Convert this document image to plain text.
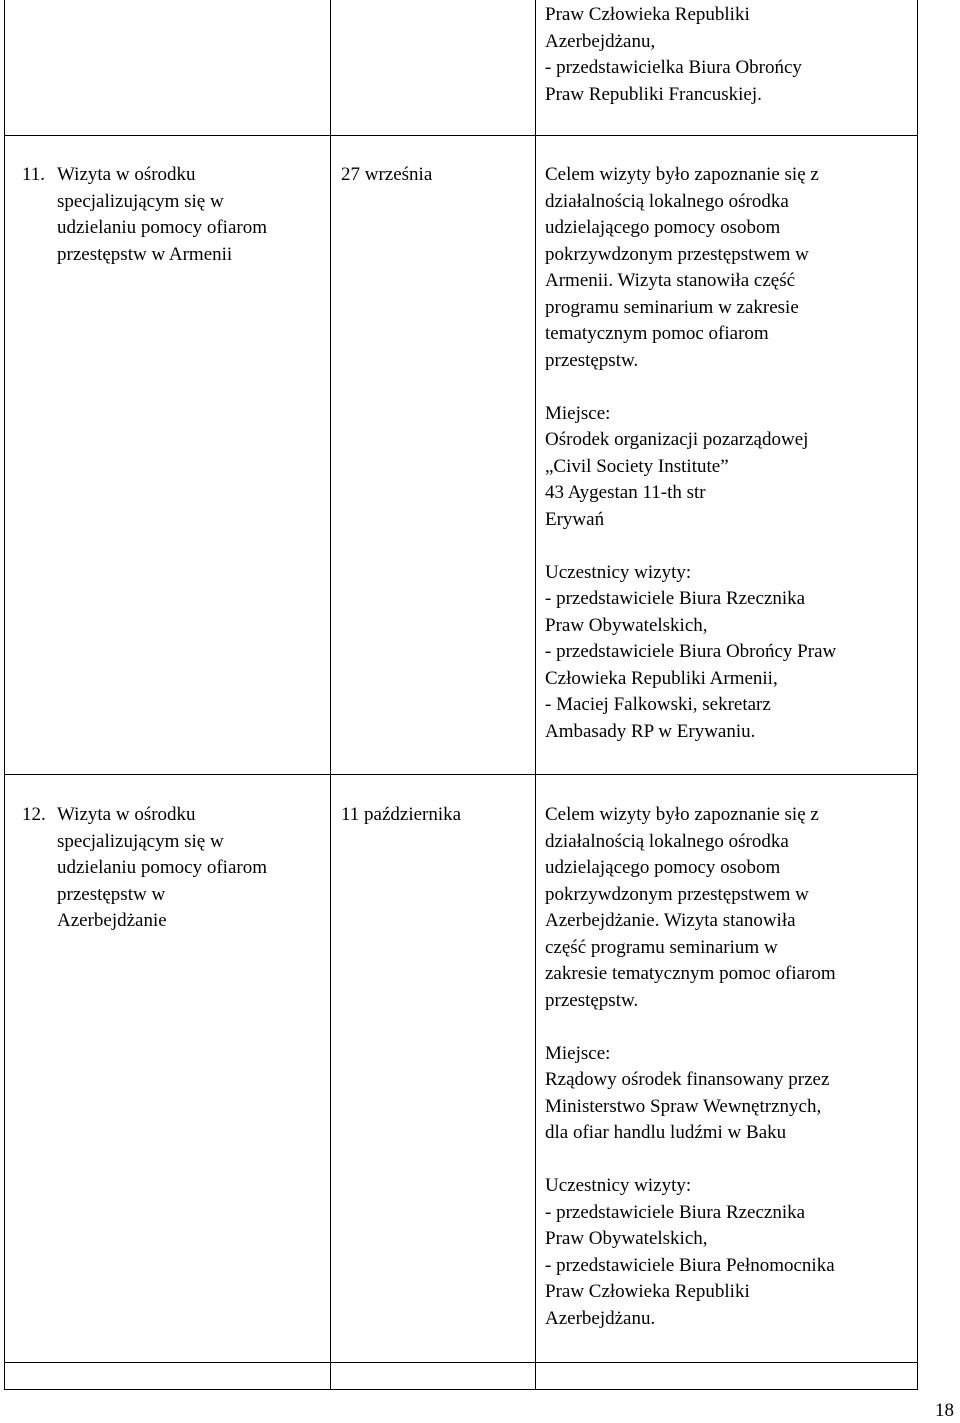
Praw Człowieka Republiki
Azerbejdżanu,
- przedstawicielka Biura Obrońcy
Praw Republiki Francuskiej.
11. Wizyta w ośrodku
specjalizującym się w
udzielaniu pomocy ofiarom
przestępstw w Armenii
27 września	Celem wizyty było zapoznanie się z
działalnością lokalnego ośrodka
udzielającego pomocy osobom
pokrzywdzonym przestępstwem w
Armenii. Wizyta stanowiła część
programu seminarium w zakresie
tematycznym pomoc ofiarom
przestępstw.
Miejsce:
Ośrodek organizacji pozarządowej
„Civil Society Institute”
43 Aygestan 11-th str
Erywań
Uczestnicy wizyty:
- przedstawiciele Biura Rzecznika
Praw Obywatelskich,
- przedstawiciele Biura Obrońcy Praw
Człowieka Republiki Armenii,
- Maciej Falkowski, sekretarz
Ambasady RP w Erywaniu.
12. Wizyta w ośrodku
specjalizującym się w
udzielaniu pomocy ofiarom
przestępstw w
Azerbejdżanie
11 października	Celem wizyty było zapoznanie się z
działalnością lokalnego ośrodka
udzielającego pomocy osobom
pokrzywdzonym przestępstwem w
Azerbejdżanie. Wizyta stanowiła
część programu seminarium w
zakresie tematycznym pomoc ofiarom
przestępstw.
Miejsce:
Rządowy ośrodek finansowany przez
Ministerstwo Spraw Wewnętrznych,
dla ofiar handlu ludźmi w Baku
Uczestnicy wizyty:
- przedstawiciele Biura Rzecznika
Praw Obywatelskich,
- przedstawiciele Biura Pełnomocnika
Praw Człowieka Republiki
Azerbejdżanu.
18
